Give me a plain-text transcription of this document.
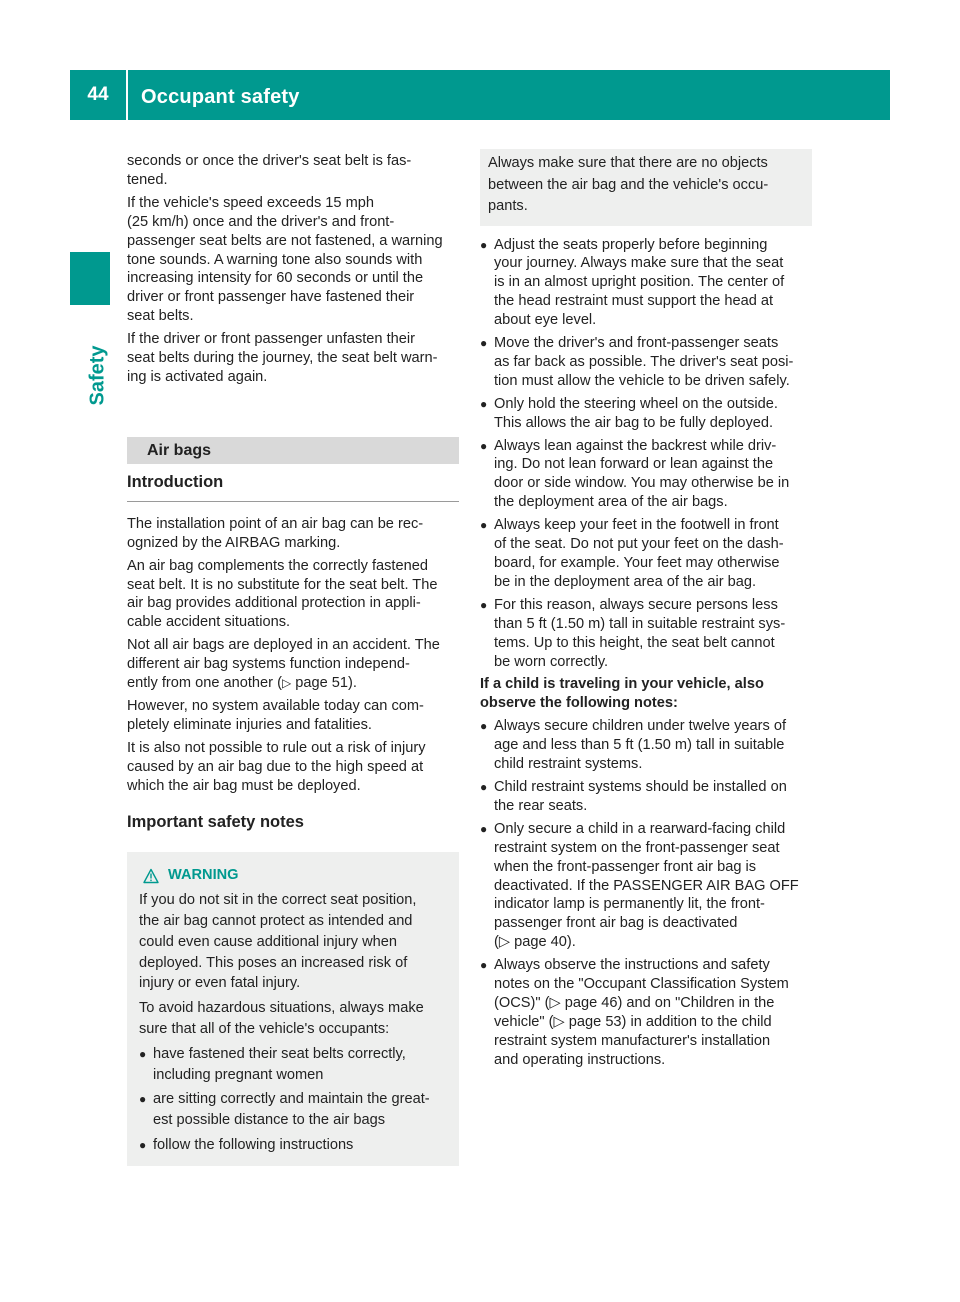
44	Occupant safety
Safety

seconds or once the driver's seat belt is fas-
tened.

If the vehicle's speed exceeds 15 mph
(25 km/h) once and the driver's and front-
passenger seat belts are not fastened, a warning
tone sounds. A warning tone also sounds with
increasing intensity for 60 seconds or until the
driver or front passenger have fastened their
seat belts.

If the driver or front passenger unfasten their
seat belts during the journey, the seat belt warn-
ing is activated again.

Air bags
Introduction

The installation point of an air bag can be rec-
ognized by the AIRBAG marking.

An air bag complements the correctly fastened
seat belt. It is no substitute for the seat belt. The
air bag provides additional protection in appli-
cable accident situations.

Not all air bags are deployed in an accident. The
different air bag systems function independ-
ently from one another (▷ page 51).

However, no system available today can com-
pletely eliminate injuries and fatalities.

It is also not possible to rule out a risk of injury
caused by an air bag due to the high speed at
which the air bag must be deployed.

Important safety notes
WARNING

If you do not sit in the correct seat position,
the air bag cannot protect as intended and
could even cause additional injury when
deployed. This poses an increased risk of
injury or even fatal injury.

To avoid hazardous situations, always make
sure that all of the vehicle's occupants:

● have fastened their seat belts correctly,
including pregnant women
● are sitting correctly and maintain the great-
est possible distance to the air bags
● follow the following instructions
Always make sure that there are no objects
between the air bag and the vehicle's occu-
pants.
● Adjust the seats properly before beginning
your journey. Always make sure that the seat
is in an almost upright position. The center of
the head restraint must support the head at
about eye level.
● Move the driver's and front-passenger seats
as far back as possible. The driver's seat posi-
tion must allow the vehicle to be driven safely.
● Only hold the steering wheel on the outside.
This allows the air bag to be fully deployed.
● Always lean against the backrest while driv-
ing. Do not lean forward or lean against the
door or side window. You may otherwise be in
the deployment area of the air bags.
● Always keep your feet in the footwell in front
of the seat. Do not put your feet on the dash-
board, for example. Your feet may otherwise
be in the deployment area of the air bag.
● For this reason, always secure persons less
than 5 ft (1.50 m) tall in suitable restraint sys-
tems. Up to this height, the seat belt cannot
be worn correctly.

If a child is traveling in your vehicle, also
observe the following notes:

● Always secure children under twelve years of
age and less than 5 ft (1.50 m) tall in suitable
child restraint systems.
● Child restraint systems should be installed on
the rear seats.
● Only secure a child in a rearward-facing child
restraint system on the front-passenger seat
when the front-passenger front air bag is
deactivated. If the PASSENGER AIR BAG OFF
indicator lamp is permanently lit, the front-
passenger front air bag is deactivated
(▷ page 40).
● Always observe the instructions and safety
notes on the "Occupant Classification System
(OCS)" (▷ page 46) and on "Children in the
vehicle" (▷ page 53) in addition to the child
restraint system manufacturer's installation
and operating instructions.
